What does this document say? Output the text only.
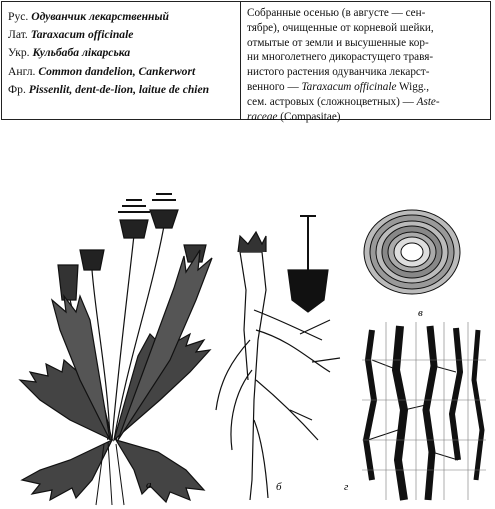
Рус. Одуванчик лекарственный
Лат. Taraxacum officinale
Укр. Кульбаба лікарська
Англ. Common dandelion, Cankerwort
Фр. Pissenlit, dent-de-lion, laitue de chien
Собранные осенью (в августе — сен-
тябре), очищенные от корневой шейки,
отмытые от земли и высушенные кор-
ни многолетнего дикорастущего травя-
нистого растения одуванчика лекарст-
венного — Taraxacum officinale Wigg.,
сем. астровых (сложноцветных) — Aste-
raceae (Compasitae)
а	б
в
г
